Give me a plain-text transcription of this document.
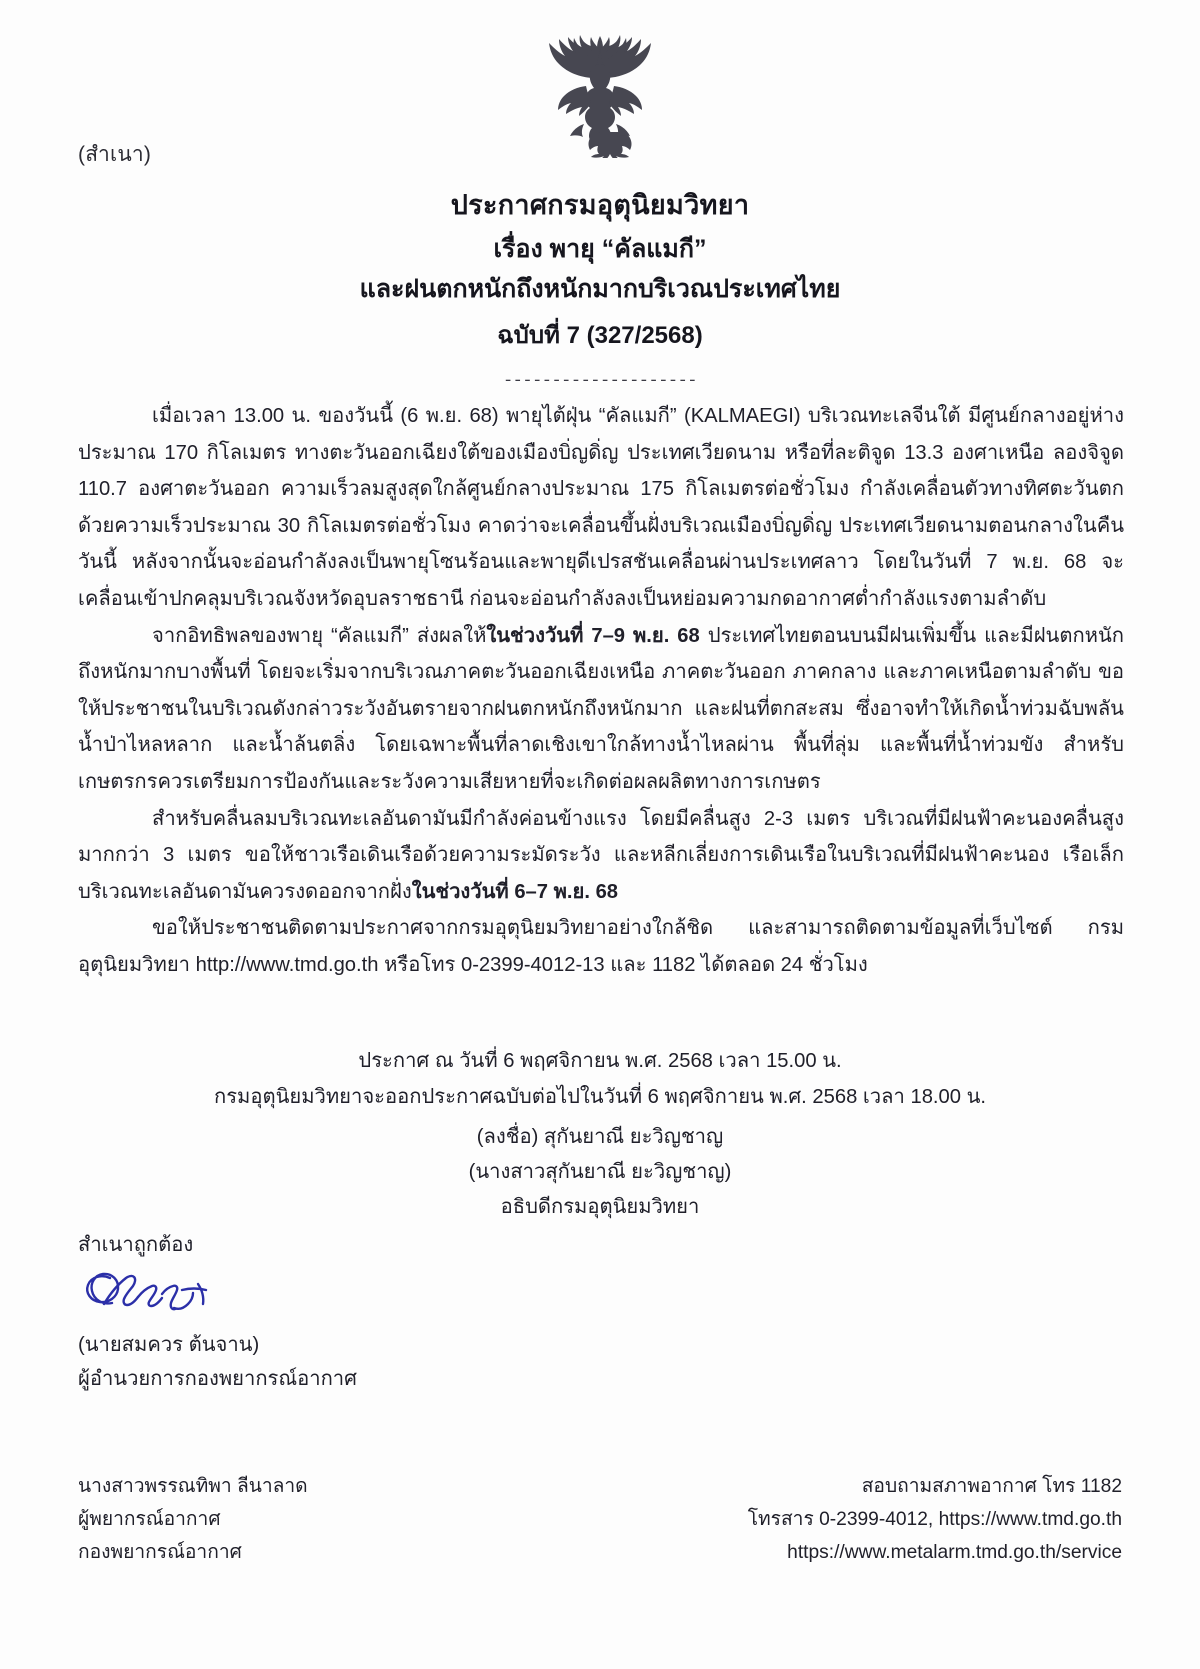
(สำเนา)
ประกาศกรมอุตุนิยมวิทยา
เรื่อง พายุ “คัลแมกี”
และฝนตกหนักถึงหนักมากบริเวณประเทศไทย
ฉบับที่ 7 (327/2568)
--------------------

เมื่อเวลา 13.00 น. ของวันนี้ (6 พ.ย. 68) พายุไต้ฝุ่น “คัลแมกี” (KALMAEGI) บริเวณทะเลจีนใต้ มีศูนย์กลางอยู่ห่างประมาณ 170 กิโลเมตร ทางตะวันออกเฉียงใต้ของเมืองบิ่ญดิ่ญ ประเทศเวียดนาม หรือที่ละติจูด 13.3 องศาเหนือ ลองจิจูด 110.7 องศาตะวันออก ความเร็วลมสูงสุดใกล้ศูนย์กลางประมาณ 175 กิโลเมตรต่อชั่วโมง กำลังเคลื่อนตัวทางทิศตะวันตก ด้วยความเร็วประมาณ 30 กิโลเมตรต่อชั่วโมง คาดว่าจะเคลื่อนขึ้นฝั่งบริเวณเมืองบิ่ญดิ่ญ ประเทศเวียดนามตอนกลางในคืนวันนี้ หลังจากนั้นจะอ่อนกำลังลงเป็นพายุโซนร้อนและพายุดีเปรสชันเคลื่อนผ่านประเทศลาว โดยในวันที่ 7 พ.ย. 68 จะเคลื่อนเข้าปกคลุมบริเวณจังหวัดอุบลราชธานี ก่อนจะอ่อนกำลังลงเป็นหย่อมความกดอากาศต่ำกำลังแรงตามลำดับ

จากอิทธิพลของพายุ “คัลแมกี” ส่งผลให้ในช่วงวันที่ 7–9 พ.ย. 68 ประเทศไทยตอนบนมีฝนเพิ่มขึ้น และมีฝนตกหนักถึงหนักมากบางพื้นที่ โดยจะเริ่มจากบริเวณภาคตะวันออกเฉียงเหนือ ภาคตะวันออก ภาคกลาง และภาคเหนือตามลำดับ ขอให้ประชาชนในบริเวณดังกล่าวระวังอันตรายจากฝนตกหนักถึงหนักมาก และฝนที่ตกสะสม ซึ่งอาจทำให้เกิดน้ำท่วมฉับพลัน น้ำป่าไหลหลาก และน้ำล้นตลิ่ง โดยเฉพาะพื้นที่ลาดเชิงเขาใกล้ทางน้ำไหลผ่าน พื้นที่ลุ่ม และพื้นที่น้ำท่วมขัง สำหรับเกษตรกรควรเตรียมการป้องกันและระวังความเสียหายที่จะเกิดต่อผลผลิตทางการเกษตร

สำหรับคลื่นลมบริเวณทะเลอันดามันมีกำลังค่อนข้างแรง โดยมีคลื่นสูง 2-3 เมตร บริเวณที่มีฝนฟ้าคะนองคลื่นสูงมากกว่า 3 เมตร ขอให้ชาวเรือเดินเรือด้วยความระมัดระวัง และหลีกเลี่ยงการเดินเรือในบริเวณที่มีฝนฟ้าคะนอง เรือเล็กบริเวณทะเลอันดามันควรงดออกจากฝั่งในช่วงวันที่ 6–7 พ.ย. 68

ขอให้ประชาชนติดตามประกาศจากกรมอุตุนิยมวิทยาอย่างใกล้ชิด และสามารถติดตามข้อมูลที่เว็บไซต์ กรมอุตุนิยมวิทยา http://www.tmd.go.th หรือโทร 0-2399-4012-13 และ 1182 ได้ตลอด 24 ชั่วโมง

ประกาศ ณ วันที่ 6 พฤศจิกายน พ.ศ. 2568 เวลา 15.00 น.
กรมอุตุนิยมวิทยาจะออกประกาศฉบับต่อไปในวันที่ 6 พฤศจิกายน พ.ศ. 2568 เวลา 18.00 น.
(ลงชื่อ) สุกันยาณี ยะวิญชาญ
(นางสาวสุกันยาณี ยะวิญชาญ)
อธิบดีกรมอุตุนิยมวิทยา
สำเนาถูกต้อง
(นายสมควร ต้นจาน)
ผู้อำนวยการกองพยากรณ์อากาศ
นางสาวพรรณทิพา ลีนาลาด
ผู้พยากรณ์อากาศ
กองพยากรณ์อากาศ
สอบถามสภาพอากาศ โทร 1182
โทรสาร 0-2399-4012, https://www.tmd.go.th
https://www.metalarm.tmd.go.th/service
